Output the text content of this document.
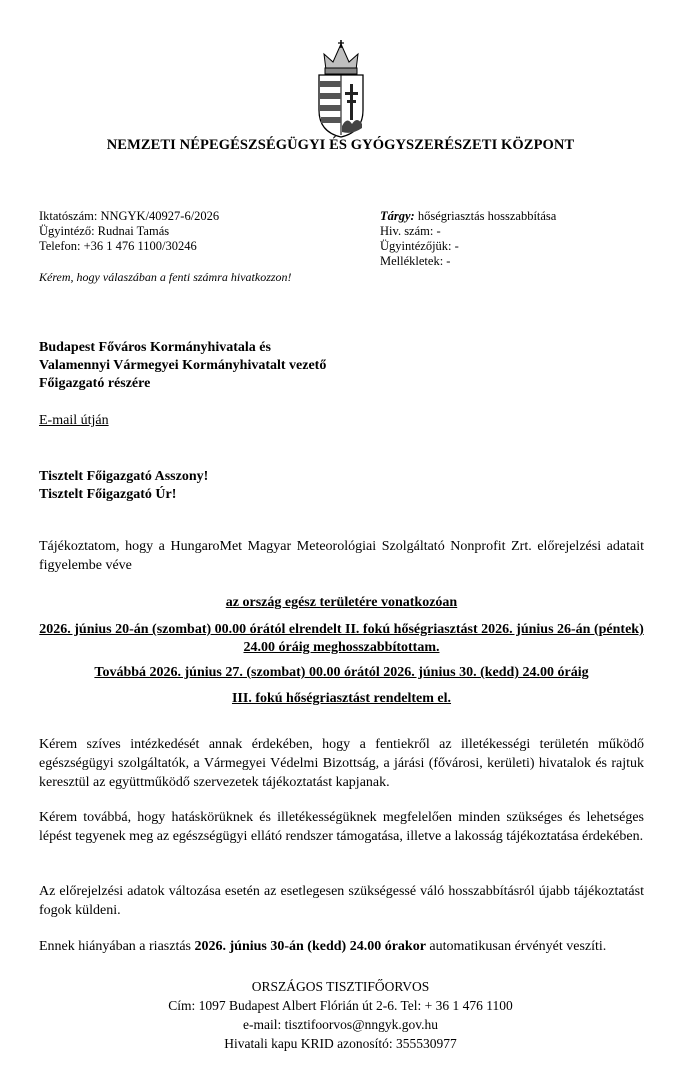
NEMZETI NÉPEGÉSZSÉGÜGYI ÉS GYÓGYSZERÉSZETI KÖZPONT
Iktatószám: NNGYK/40927-6/2026
Ügyintéző: Rudnai Tamás
Telefon: +36 1 476 1100/30246
Tárgy: hőségriasztás hosszabbítása
Hiv. szám: -
Ügyintézőjük: -
Mellékletek: -
Kérem, hogy válaszában a fenti számra hivatkozzon!
Budapest Főváros Kormányhivatala és
Valamennyi Vármegyei Kormányhivatalt vezető
Főigazgató részére
E-mail útján
Tisztelt Főigazgató Asszony!
Tisztelt Főigazgató Úr!
Tájékoztatom, hogy a HungaroMet Magyar Meteorológiai Szolgáltató Nonprofit Zrt. előrejelzési adatait figyelembe véve
az ország egész területére vonatkozóan
2026. június 20-án (szombat) 00.00 órától elrendelt II. fokú hőségriasztást 2026. június 26-án (péntek) 24.00 óráig meghosszabbítottam.
Továbbá 2026. június 27. (szombat) 00.00 órától 2026. június 30. (kedd) 24.00 óráig
III. fokú hőségriasztást rendeltem el.
Kérem szíves intézkedését annak érdekében, hogy a fentiekről az illetékességi területén működő egészségügyi szolgáltatók, a Vármegyei Védelmi Bizottság, a járási (fővárosi, kerületi) hivatalok és rajtuk keresztül az együttműködő szervezetek tájékoztatást kapjanak.
Kérem továbbá, hogy hatáskörüknek és illetékességüknek megfelelően minden szükséges és lehetséges lépést tegyenek meg az egészségügyi ellátó rendszer támogatása, illetve a lakosság tájékoztatása érdekében.
Az előrejelzési adatok változása esetén az esetlegesen szükségessé váló hosszabbításról újabb tájékoztatást fogok küldeni.
Ennek hiányában a riasztás 2026. június 30-án (kedd) 24.00 órakor automatikusan érvényét veszíti.
ORSZÁGOS TISZTIFŐORVOS
Cím: 1097 Budapest Albert Flórián út 2-6. Tel: + 36 1 476 1100
e-mail: tisztifoorvos@nngyk.gov.hu
Hivatali kapu KRID azonosító: 355530977
